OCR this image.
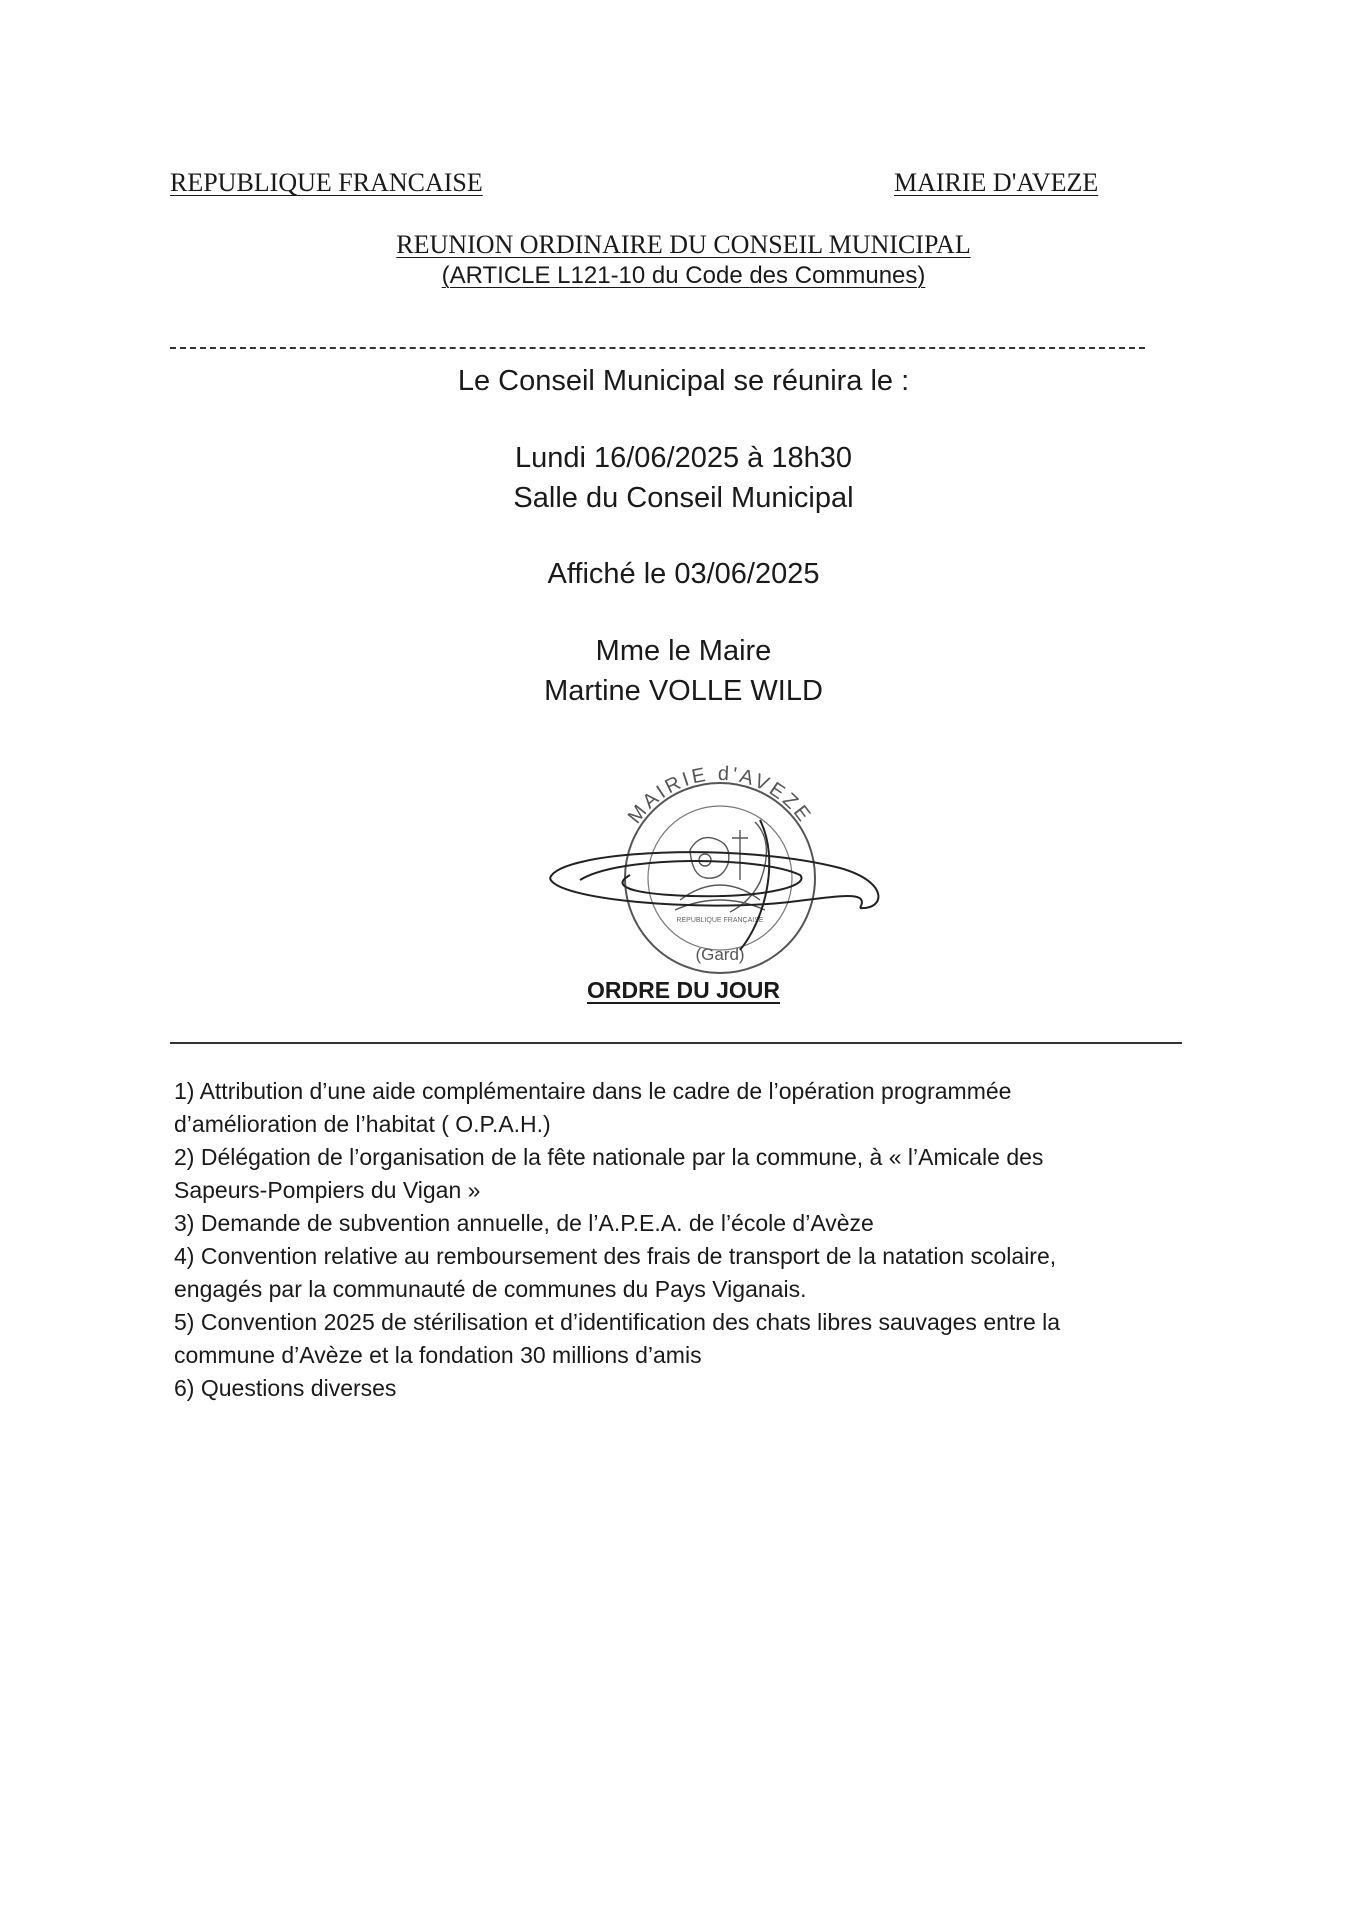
REPUBLIQUE FRANCAISE	MAIRIE D'AVEZE
REUNION ORDINAIRE DU CONSEIL MUNICIPAL
(ARTICLE L121-10 du Code des Communes)
Le Conseil Municipal se réunira le :
Lundi 16/06/2025 à 18h30
Salle du Conseil Municipal
Affiché le 03/06/2025
Mme le Maire
Martine VOLLE WILD
MAIRIE d'AVEZE
REPUBLIQUE FRANÇAISE
(Gard)
ORDRE DU JOUR
1) Attribution d’une aide complémentaire dans le cadre de l’opération programmée
d’amélioration de l’habitat ( O.P.A.H.)
2) Délégation de l’organisation de la fête nationale par la commune, à « l’Amicale des
Sapeurs-Pompiers du Vigan »
3) Demande de subvention annuelle, de l’A.P.E.A. de l’école d’Avèze
4) Convention relative au remboursement des frais de transport de la natation scolaire,
engagés par la communauté de communes du Pays Viganais.
5) Convention 2025 de stérilisation et d’identification des chats libres sauvages entre la
commune d’Avèze et la fondation 30 millions d’amis
6) Questions diverses
